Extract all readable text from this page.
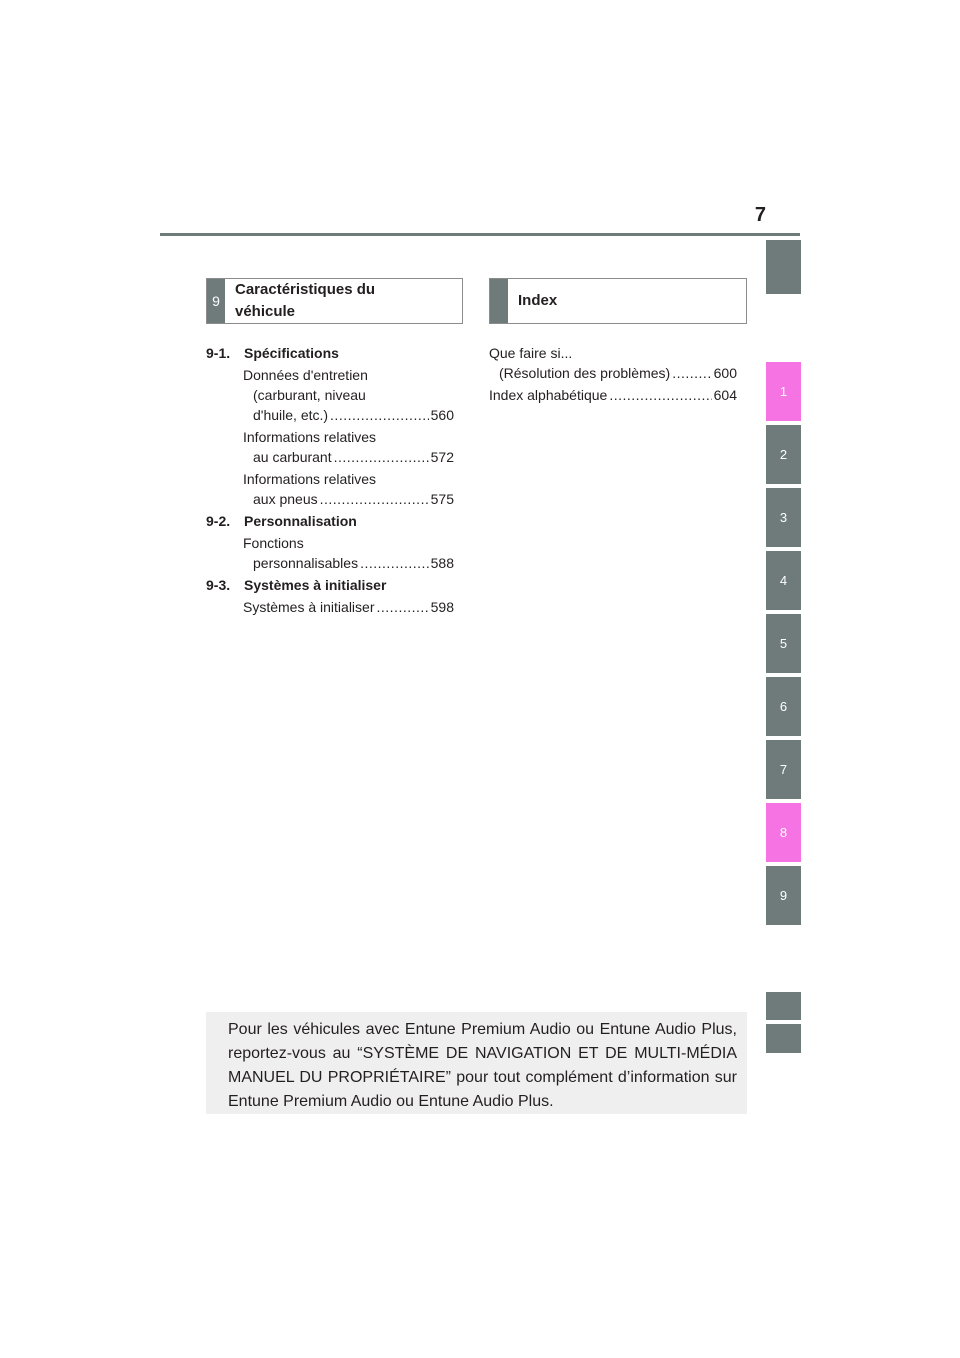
7
9
Caractéristiques du
véhicule
Index
9-1. Spécifications
Données d'entretien
(carburant, niveau
d'huile, etc.) .....	560
Informations relatives
au carburant .....	572
Informations relatives
aux pneus .....	575
9-2. Personnalisation
Fonctions
personnalisables .....	588
9-3. Systèmes à initialiser
Systèmes à initialiser .....	598
Que faire si...
(Résolution des problèmes) .....	600
Index alphabétique .....	604
Pour les véhicules avec Entune Premium Audio ou Entune Audio Plus, reportez-vous au “SYSTÈME DE NAVIGATION ET DE MULTI-MÉDIA MANUEL DU PROPRIÉTAIRE” pour tout complément d’information sur Entune Premium Audio ou Entune Audio Plus.
1
2
3
4
5
6
7
8
9
